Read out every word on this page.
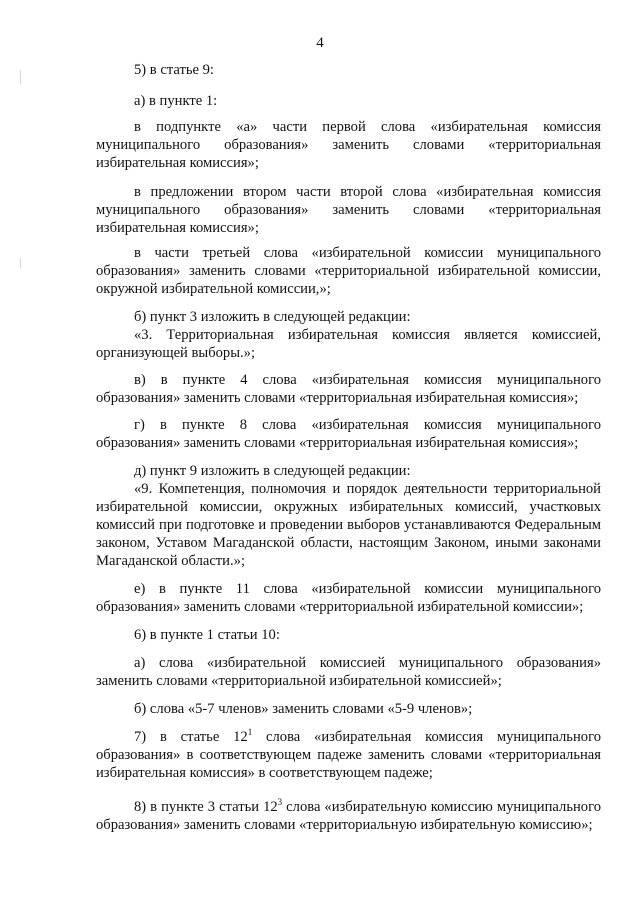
4

5) в статье 9:

а) в пункте 1:

в подпункте «а» части первой слова «избирательная комиссия муниципального образования» заменить словами «территориальная избирательная комиссия»;

в предложении втором части второй слова «избирательная комиссия муниципального образования» заменить словами «территориальная избирательная комиссия»;

в части третьей слова «избирательной комиссии муниципального образования» заменить словами «территориальной избирательной комиссии, окружной избирательной комиссии,»;

б) пункт 3 изложить в следующей редакции:

«3. Территориальная избирательная комиссия является комиссией, организующей выборы.»;

в) в пункте 4 слова «избирательная комиссия муниципального образования» заменить словами «территориальная избирательная комиссия»;

г) в пункте 8 слова «избирательная комиссия муниципального образования» заменить словами «территориальная избирательная комиссия»;

д) пункт 9 изложить в следующей редакции:

«9. Компетенция, полномочия и порядок деятельности территориальной избирательной комиссии, окружных избирательных комиссий, участковых комиссий при подготовке и проведении выборов устанавливаются Федеральным законом, Уставом Магаданской области, настоящим Законом, иными законами Магаданской области.»;

е) в пункте 11 слова «избирательной комиссии муниципального образования» заменить словами «территориальной избирательной комиссии»;

6) в пункте 1 статьи 10:

а) слова «избирательной комиссией муниципального образования» заменить словами «территориальной избирательной комиссией»;

б) слова «5-7 членов» заменить словами «5-9 членов»;

7) в статье $12^1$ слова «избирательная комиссия муниципального образования» в соответствующем падеже заменить словами «территориальная избирательная комиссия» в соответствующем падеже;

8) в пункте 3 статьи $12^3$ слова «избирательную комиссию муниципального образования» заменить словами «территориальную избирательную комиссию»;
